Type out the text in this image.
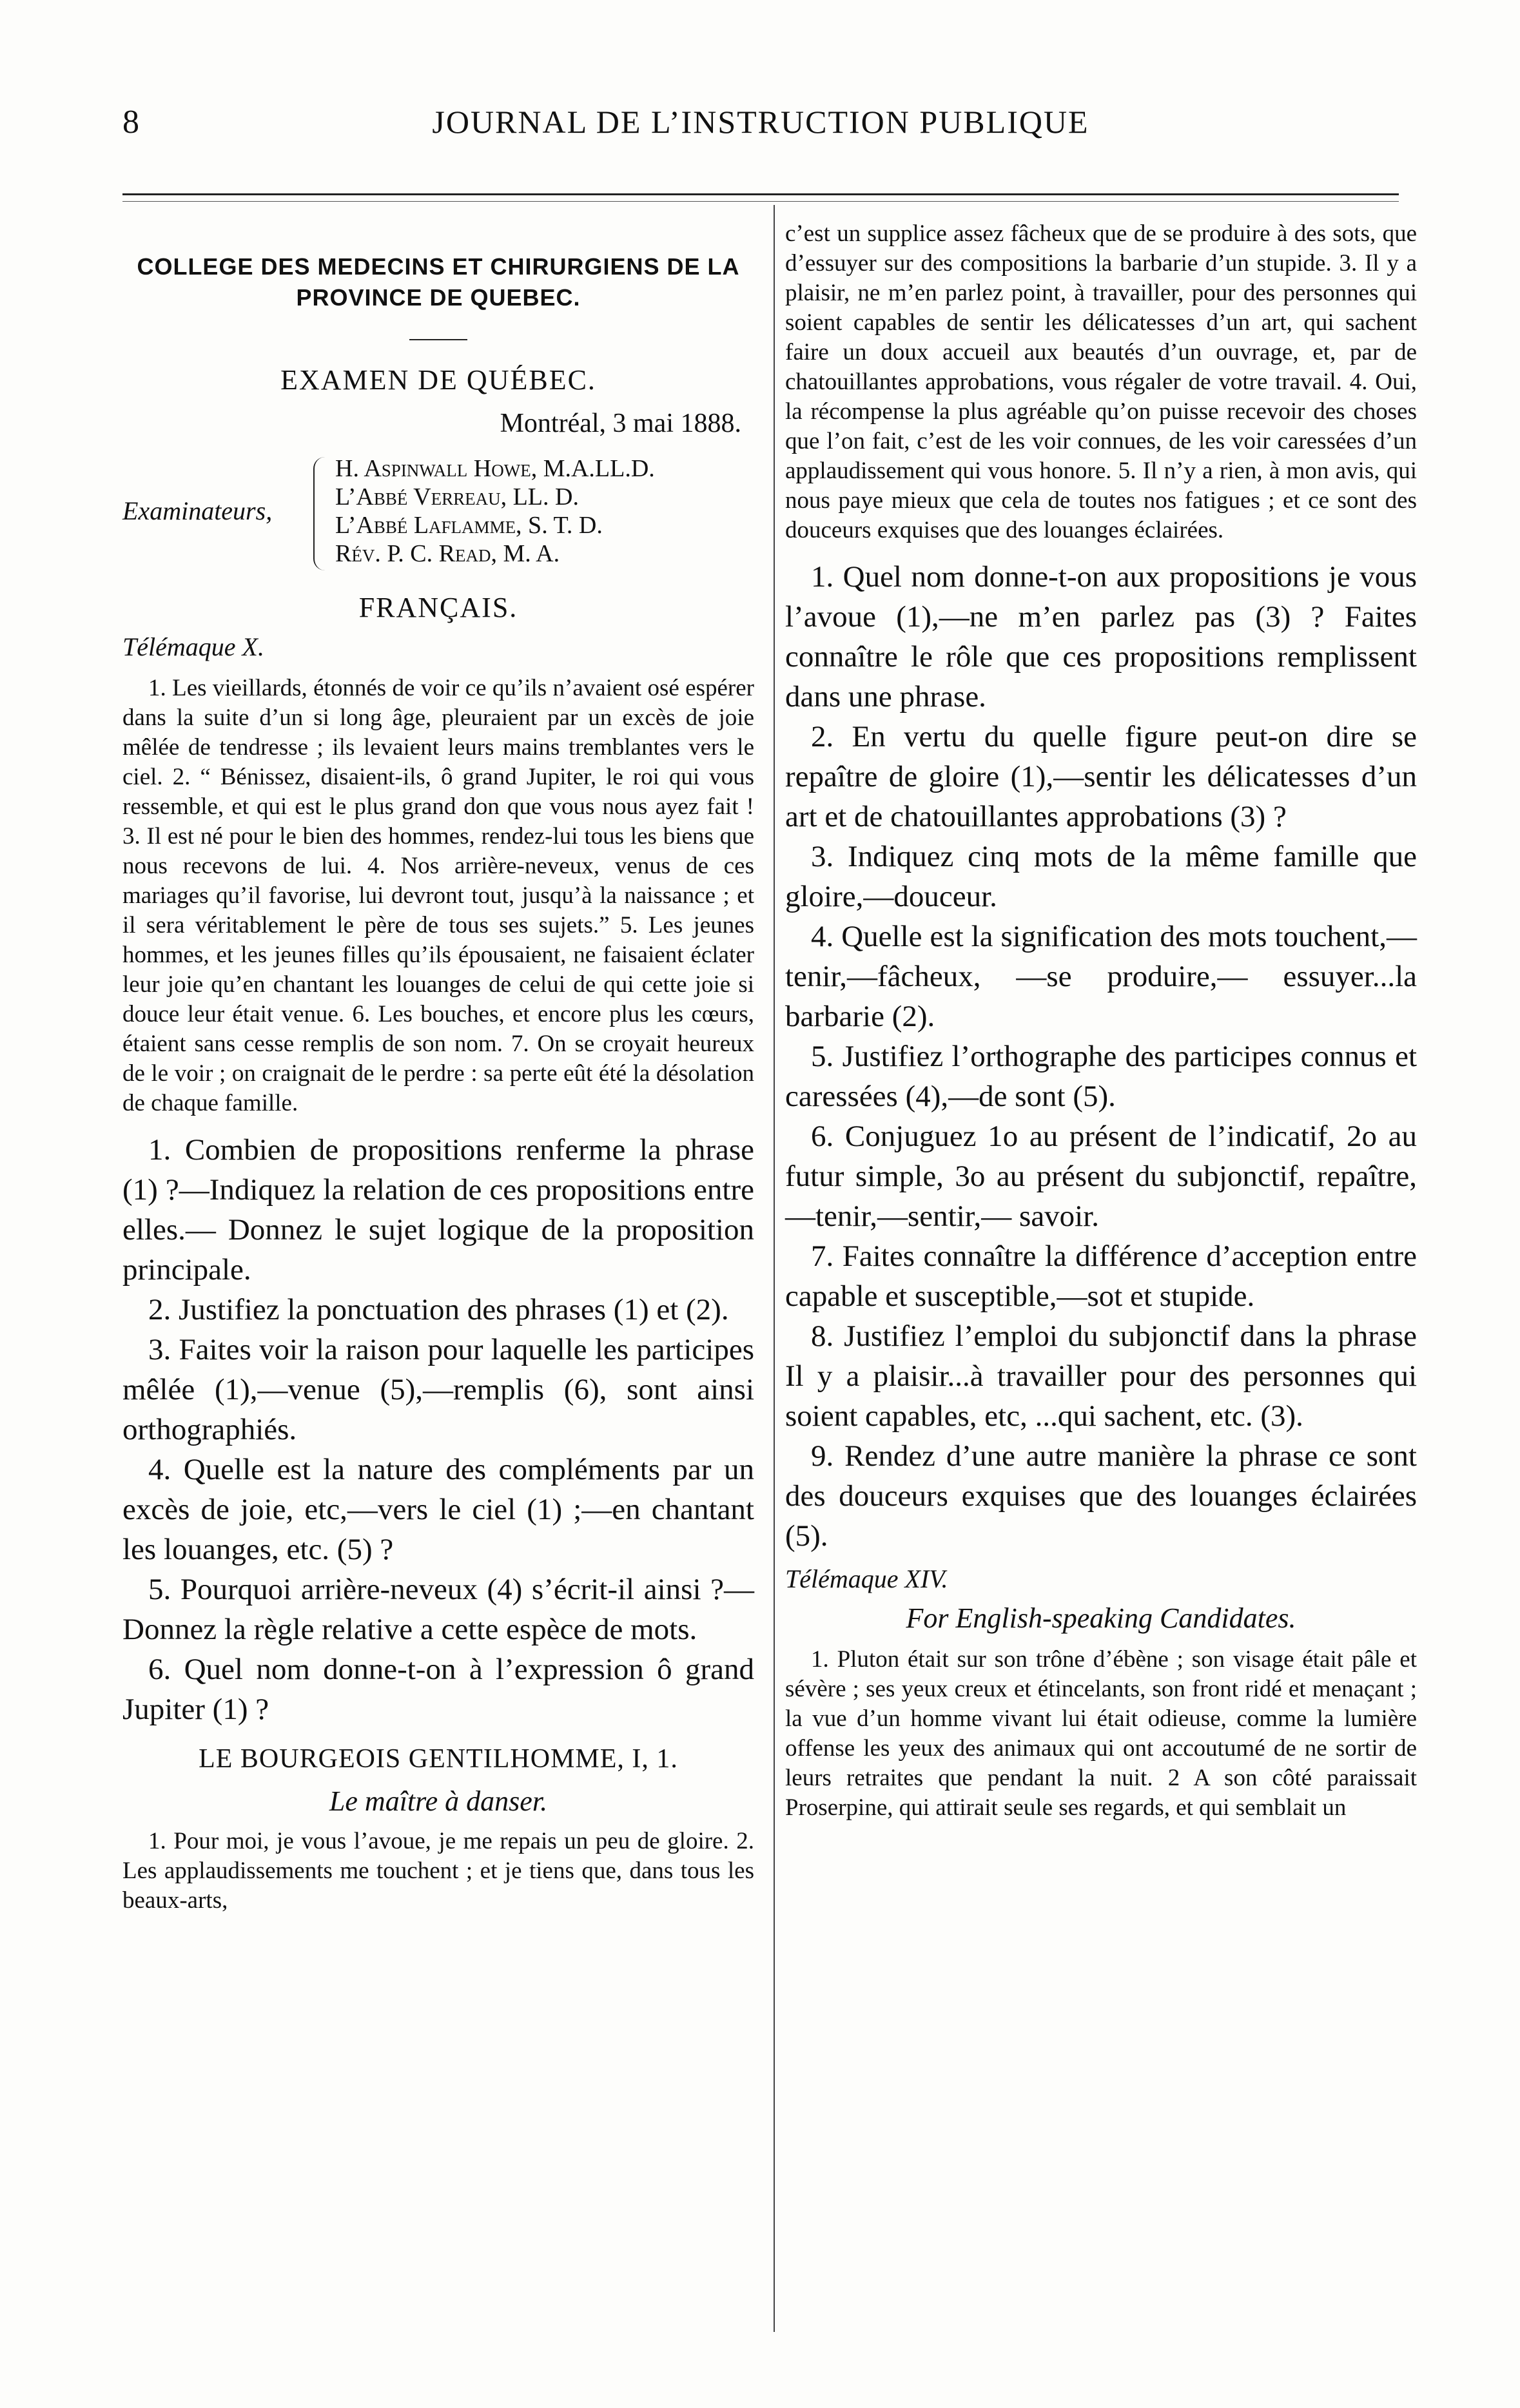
8	JOURNAL DE L’INSTRUCTION PUBLIQUE
COLLEGE DES MEDECINS ET CHIRURGIENS DE LA PROVINCE DE QUEBEC.
EXAMEN DE QUÉBEC.
Montréal, 3 mai 1888.
Examinateurs,
H. Aspinwall Howe, M.A.LL.D.
L’Abbé Verreau, LL. D.
L’Abbé Laflamme, S. T. D.
Rév. P. C. Read, M. A.
FRANÇAIS.
Télémaque X.

1. Les vieillards, étonnés de voir ce qu’ils n’avaient osé espérer dans la suite d’un si long âge, pleuraient par un excès de joie mêlée de tendresse ; ils levaient leurs mains tremblantes vers le ciel. 2. “ Bénissez, disaient-ils, ô grand Jupiter, le roi qui vous ressemble, et qui est le plus grand don que vous nous ayez fait ! 3. Il est né pour le bien des hommes, rendez-lui tous les biens que nous recevons de lui. 4. Nos arrière-neveux, venus de ces mariages qu’il favorise, lui devront tout, jusqu’à la naissance ; et il sera véritablement le père de tous ses sujets.” 5. Les jeunes hommes, et les jeunes filles qu’ils épousaient, ne faisaient éclater leur joie qu’en chantant les louanges de celui de qui cette joie si douce leur était venue. 6. Les bouches, et encore plus les cœurs, étaient sans cesse remplis de son nom. 7. On se croyait heureux de le voir ; on craignait de le perdre : sa perte eût été la désolation de chaque famille.

1. Combien de propositions renferme la phrase (1) ?—Indiquez la relation de ces propositions entre elles.— Donnez le sujet logique de la proposition principale.

2. Justifiez la ponctuation des phrases (1) et (2).

3. Faites voir la raison pour laquelle les participes mêlée (1),—venue (5),—remplis (6), sont ainsi orthographiés.

4. Quelle est la nature des compléments par un excès de joie, etc,—vers le ciel (1) ;—en chantant les louanges, etc. (5) ?

5. Pourquoi arrière-neveux (4) s’écrit-il ainsi ?—Donnez la règle relative a cette espèce de mots.

6. Quel nom donne-t-on à l’expression ô grand Jupiter (1) ?

LE BOURGEOIS GENTILHOMME, I, 1.
Le maître à danser.

1. Pour moi, je vous l’avoue, je me repais un peu de gloire. 2. Les applaudissements me touchent ; et je tiens que, dans tous les beaux-arts,

c’est un supplice assez fâcheux que de se produire à des sots, que d’essuyer sur des compositions la barbarie d’un stupide. 3. Il y a plaisir, ne m’en parlez point, à travailler, pour des personnes qui soient capables de sentir les délicatesses d’un art, qui sachent faire un doux accueil aux beautés d’un ouvrage, et, par de chatouillantes approbations, vous régaler de votre travail. 4. Oui, la récompense la plus agréable qu’on puisse recevoir des choses que l’on fait, c’est de les voir connues, de les voir caressées d’un applaudissement qui vous honore. 5. Il n’y a rien, à mon avis, qui nous paye mieux que cela de toutes nos fatigues ; et ce sont des douceurs exquises que des louanges éclairées.

1. Quel nom donne-t-on aux propositions je vous l’avoue (1),—ne m’en parlez pas (3) ? Faites connaître le rôle que ces propositions remplissent dans une phrase.

2. En vertu du quelle figure peut-on dire se repaître de gloire (1),—sentir les délicatesses d’un art et de chatouillantes approbations (3) ?

3. Indiquez cinq mots de la même famille que gloire,—douceur.

4. Quelle est la signification des mots touchent,— tenir,—fâcheux, —se produire,— essuyer...la barbarie (2).

5. Justifiez l’orthographe des participes connus et caressées (4),—de sont (5).

6. Conjuguez 1o au présent de l’indicatif, 2o au futur simple, 3o au présent du subjonctif, repaître,—tenir,—sentir,— savoir.

7. Faites connaître la différence d’acception entre capable et susceptible,—sot et stupide.

8. Justifiez l’emploi du subjonctif dans la phrase Il y a plaisir...à travailler pour des personnes qui soient capables, etc, ...qui sachent, etc. (3).

9. Rendez d’une autre manière la phrase ce sont des douceurs exquises que des louanges éclairées (5).

Télémaque XIV.
For English-speaking Candidates.

1. Pluton était sur son trône d’ébène ; son visage était pâle et sévère ; ses yeux creux et étincelants, son front ridé et menaçant ; la vue d’un homme vivant lui était odieuse, comme la lumière offense les yeux des animaux qui ont accoutumé de ne sortir de leurs retraites que pendant la nuit. 2 A son côté paraissait Proserpine, qui attirait seule ses regards, et qui semblait un
